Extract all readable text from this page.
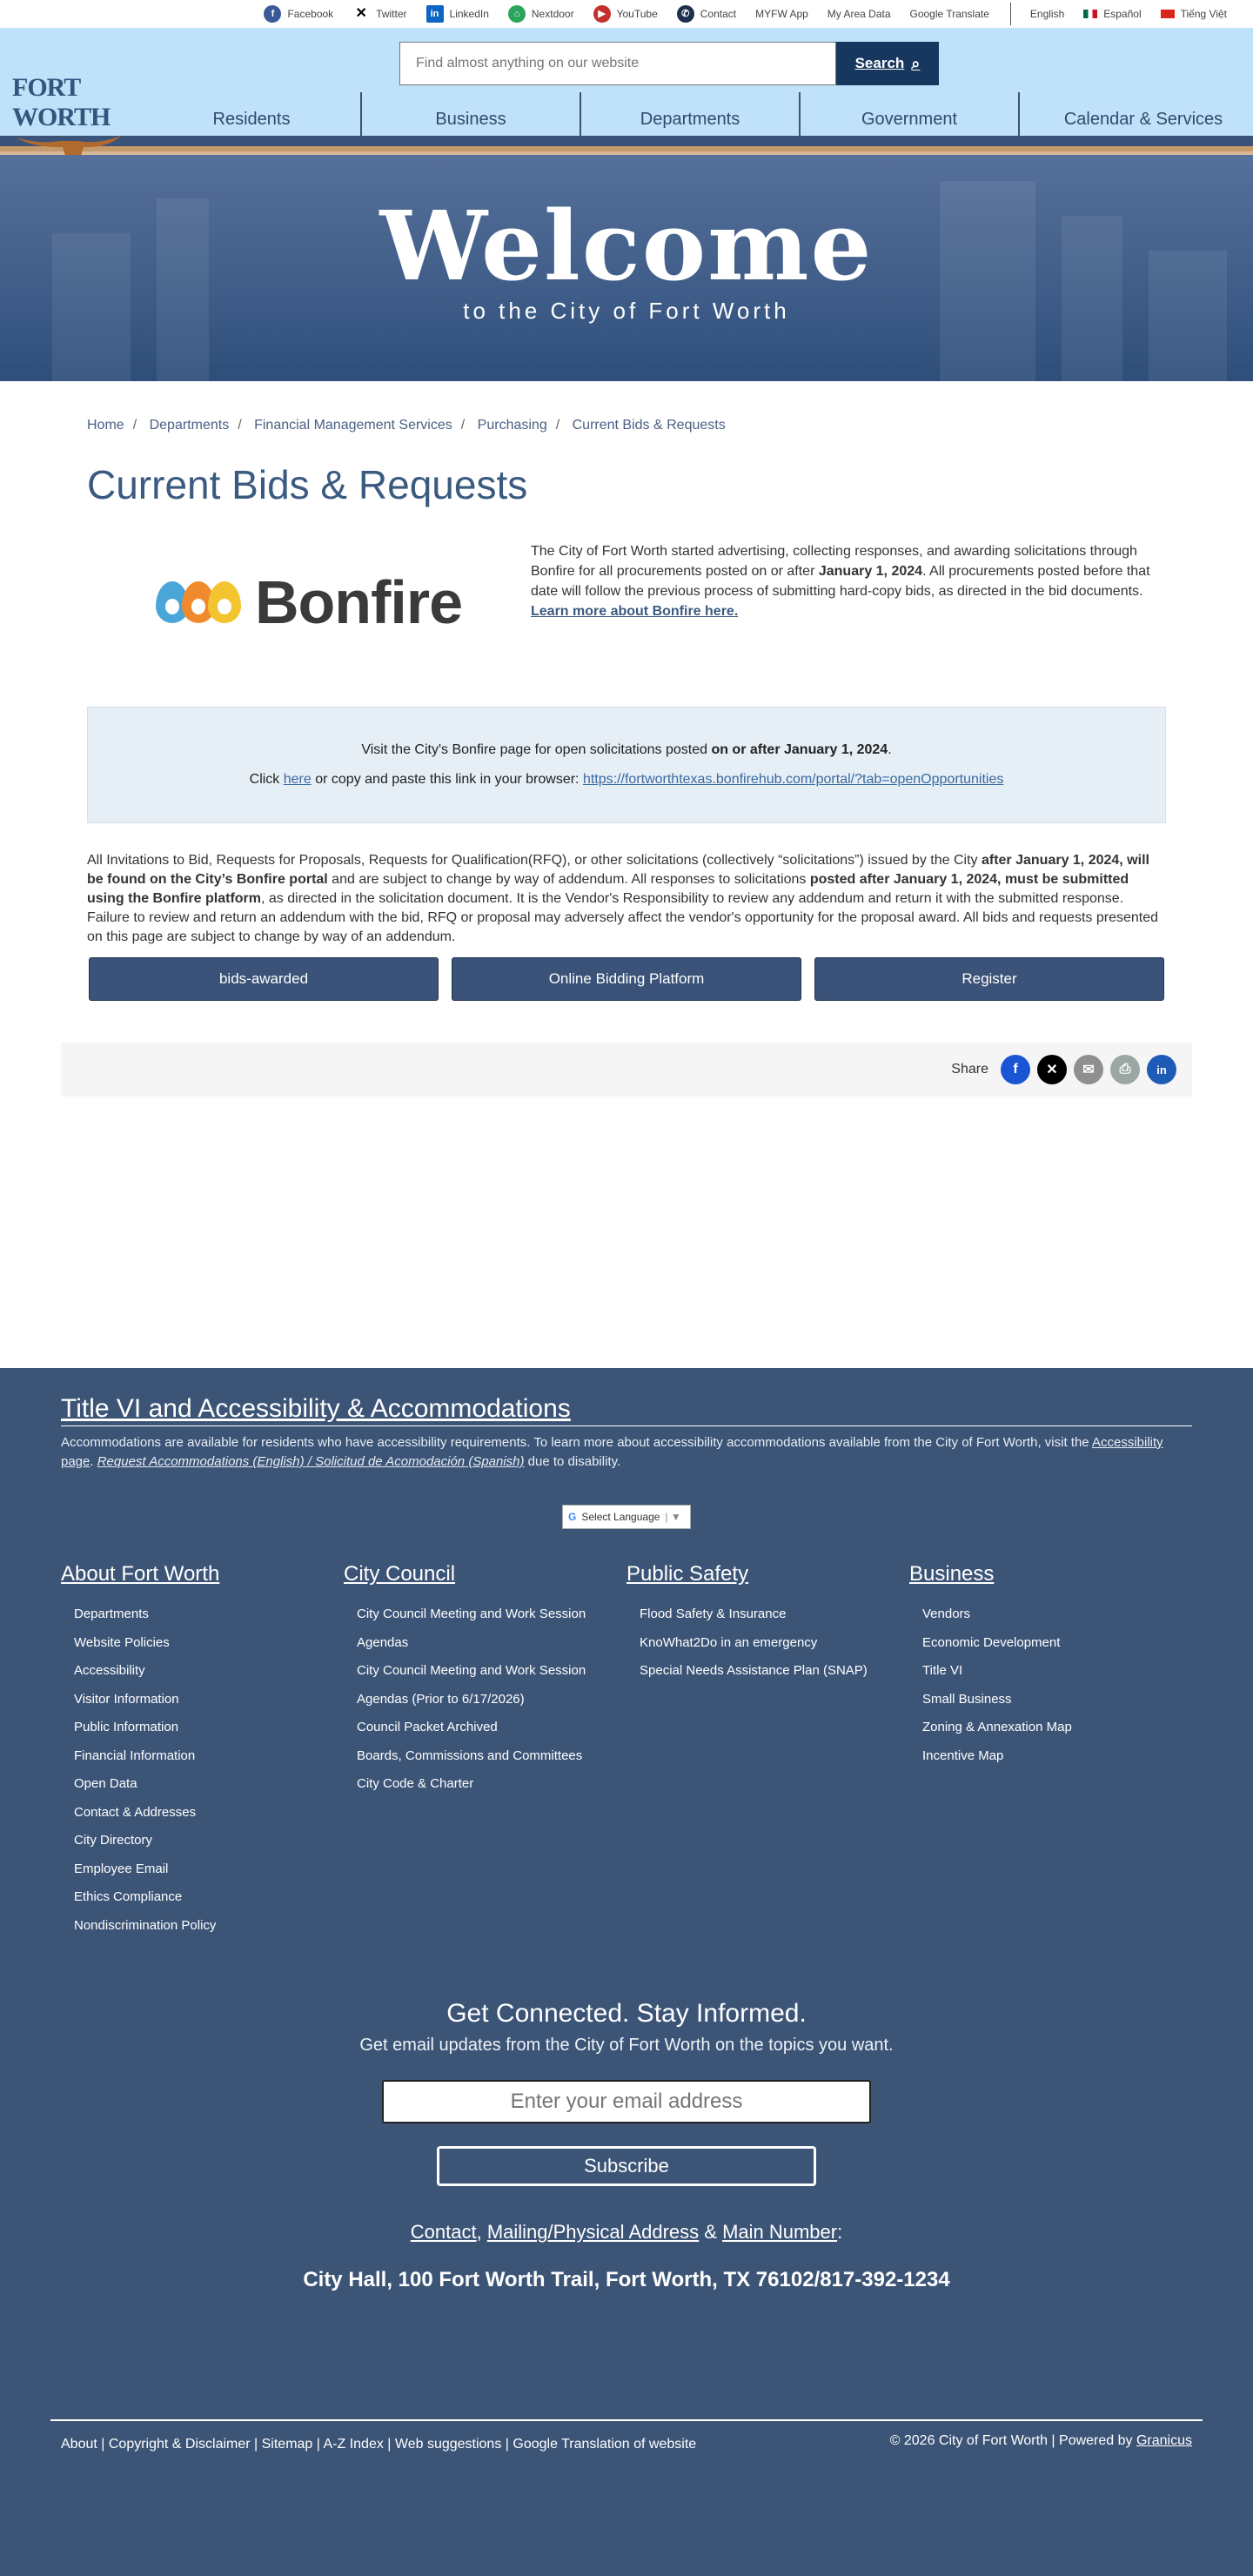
f	Facebook ✕ Twitter	in	LinkedIn	⌂	Nextdoor	▶	YouTube	✆	Contact MYFW App My Area Data Google Translate	English	Español	Tiếng Việt
FORT WORTH
Find almost anything on our website
Search ⌕
Residents	Business	Departments	Government	Calendar & Services
Welcome
to the City of Fort Worth
Home / Departments / Financial Management Services / Purchasing / Current Bids & Requests
Current Bids & Requests
Bonfire

The City of Fort Worth started advertising, collecting responses, and awarding solicitations through Bonfire for all procurements posted on or after January 1, 2024. All procurements posted before that date will follow the previous process of submitting hard-copy bids, as directed in the bid documents. Learn more about Bonfire here.

Visit the City's Bonfire page for open solicitations posted on or after January 1, 2024.
Click here or copy and paste this link in your browser: https://fortworthtexas.bonfirehub.com/portal/?tab=openOpportunities

All Invitations to Bid, Requests for Proposals, Requests for Qualification(RFQ), or other solicitations (collectively “solicitations”) issued by the City after January 1, 2024, will be found on the City’s Bonfire portal and are subject to change by way of addendum. All responses to solicitations posted after January 1, 2024, must be submitted using the Bonfire platform, as directed in the solicitation document. It is the Vendor's Responsibility to review any addendum and return it with the submitted response. Failure to review and return an addendum with the bid, RFQ or proposal may adversely affect the vendor's opportunity for the proposal award. All bids and requests presented on this page are subject to change by way of an addendum.

bids-awarded	Online Bidding Platform	Register
Share	f	✕	✉	⎙	in
Title VI and Accessibility & Accommodations

Accommodations are available for residents who have accessibility requirements. To learn more about accessibility accommodations available from the City of Fort Worth, visit the Accessibility page. Request Accommodations (English) / Solicitud de Acomodación (Spanish) due to disability.

G Select Language | ▼
About Fort Worth
Departments
Website Policies
Accessibility
Visitor Information
Public Information
Financial Information
Open Data
Contact & Addresses
City Directory
Employee Email
Ethics Compliance
Nondiscrimination Policy
City Council
City Council Meeting and Work Session
Agendas
City Council Meeting and Work Session
Agendas (Prior to 6/17/2026)
Council Packet Archived
Boards, Commissions and Committees
City Code & Charter
Public Safety
Flood Safety & Insurance
KnoWhat2Do in an emergency
Special Needs Assistance Plan (SNAP)
Business
Vendors
Economic Development
Title VI
Small Business
Zoning & Annexation Map
Incentive Map
Get Connected. Stay Informed.

Get email updates from the City of Fort Worth on the topics you want.

Enter your email address
Subscribe
Contact, Mailing/Physical Address & Main Number:
City Hall, 100 Fort Worth Trail, Fort Worth, TX 76102/817-392-1234
About | Copyright & Disclaimer | Sitemap | A-Z Index | Web suggestions | Google Translation of website	© 2026 City of Fort Worth | Powered by Granicus
